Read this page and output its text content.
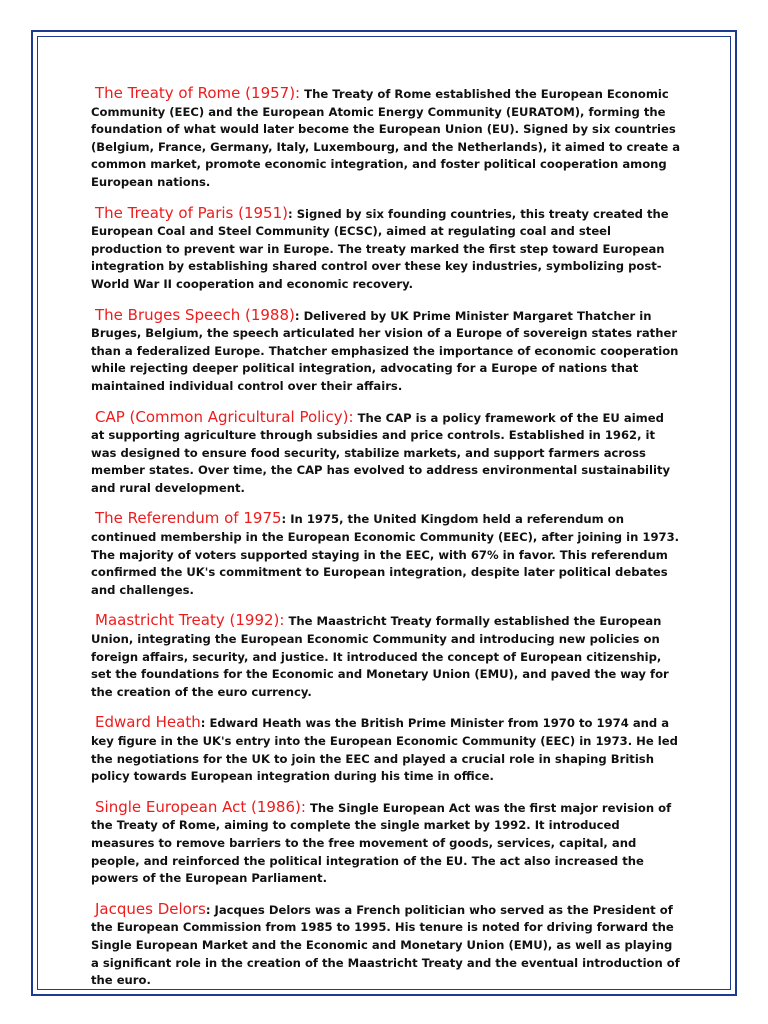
The Treaty of Rome (1957): The Treaty of Rome established the European Economic Community (EEC) and the European Atomic Energy Community (EURATOM), forming the foundation of what would later become the European Union (EU). Signed by six countries (Belgium, France, Germany, Italy, Luxembourg, and the Netherlands), it aimed to create a common market, promote economic integration, and foster political cooperation among European nations.

The Treaty of Paris (1951): Signed by six founding countries, this treaty created the European Coal and Steel Community (ECSC), aimed at regulating coal and steel production to prevent war in Europe. The treaty marked the first step toward European integration by establishing shared control over these key industries, symbolizing post-World War II cooperation and economic recovery.

The Bruges Speech (1988): Delivered by UK Prime Minister Margaret Thatcher in Bruges, Belgium, the speech articulated her vision of a Europe of sovereign states rather than a federalized Europe. Thatcher emphasized the importance of economic cooperation while rejecting deeper political integration, advocating for a Europe of nations that maintained individual control over their affairs.

CAP (Common Agricultural Policy): The CAP is a policy framework of the EU aimed at supporting agriculture through subsidies and price controls. Established in 1962, it was designed to ensure food security, stabilize markets, and support farmers across member states. Over time, the CAP has evolved to address environmental sustainability and rural development.

The Referendum of 1975: In 1975, the United Kingdom held a referendum on continued membership in the European Economic Community (EEC), after joining in 1973. The majority of voters supported staying in the EEC, with 67% in favor. This referendum confirmed the UK's commitment to European integration, despite later political debates and challenges.

Maastricht Treaty (1992): The Maastricht Treaty formally established the European Union, integrating the European Economic Community and introducing new policies on foreign affairs, security, and justice. It introduced the concept of European citizenship, set the foundations for the Economic and Monetary Union (EMU), and paved the way for the creation of the euro currency.

Edward Heath: Edward Heath was the British Prime Minister from 1970 to 1974 and a key figure in the UK's entry into the European Economic Community (EEC) in 1973. He led the negotiations for the UK to join the EEC and played a crucial role in shaping British policy towards European integration during his time in office.

Single European Act (1986): The Single European Act was the first major revision of the Treaty of Rome, aiming to complete the single market by 1992. It introduced measures to remove barriers to the free movement of goods, services, capital, and people, and reinforced the political integration of the EU. The act also increased the powers of the European Parliament.

Jacques Delors: Jacques Delors was a French politician who served as the President of the European Commission from 1985 to 1995. His tenure is noted for driving forward the Single European Market and the Economic and Monetary Union (EMU), as well as playing a significant role in the creation of the Maastricht Treaty and the eventual introduction of the euro.
